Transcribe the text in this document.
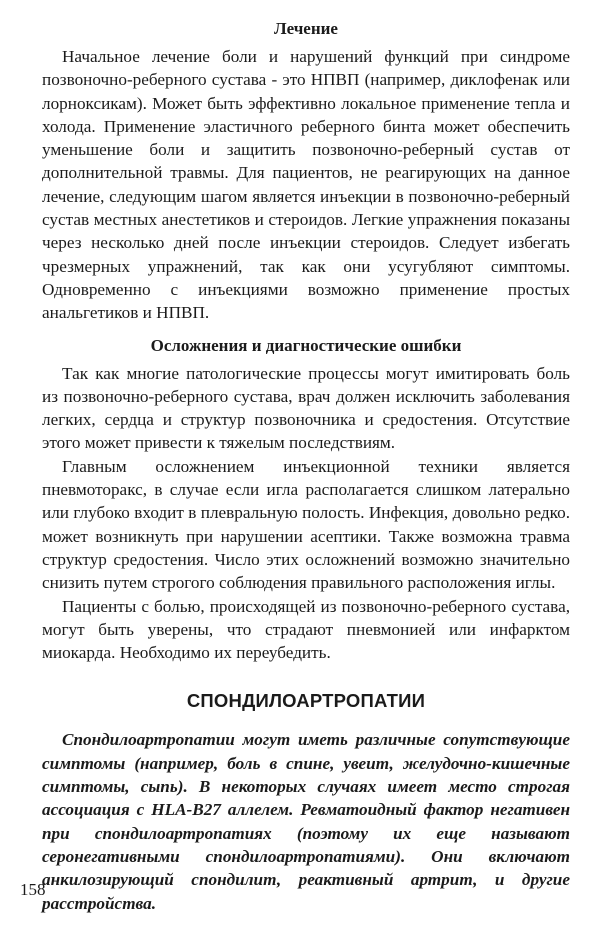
Лечение

Начальное лечение боли и нарушений функций при синдроме позвоночно-реберного сустава - это НПВП (например, диклофенак или лорноксикам). Может быть эффективно локальное применение тепла и холода. Применение эластичного реберного бинта может обеспечить уменьшение боли и защитить позвоночно-реберный сустав от дополнительной травмы. Для пациентов, не реагирующих на данное лечение, следующим шагом является инъекции в позвоночно-реберный сустав местных анестетиков и стероидов. Легкие упражнения показаны через несколько дней после инъекции стероидов. Следует избегать чрезмерных упражнений, так как они усугубляют симптомы. Одновременно с инъекциями возможно применение простых анальгетиков и НПВП.

Осложнения и диагностические ошибки

Так как многие патологические процессы могут имитировать боль из позвоночно-реберного сустава, врач должен исключить заболевания легких, сердца и структур позвоночника и средостения. Отсутствие этого может привести к тяжелым последствиям.

Главным осложнением инъекционной техники является пневмоторакс, в случае если игла располагается слишком латерально или глубоко входит в плевральную полость. Инфекция, довольно редко. может возникнуть при нарушении асептики. Также возможна травма структур средостения. Число этих осложнений возможно значительно снизить путем строгого соблюдения правильного расположения иглы.

Пациенты с болью, происходящей из позвоночно-реберного сустава, могут быть уверены, что страдают пневмонией или инфарктом миокарда. Необходимо их переубедить.

СПОНДИЛОАРТРОПАТИИ

Спондилоартропатии могут иметь различные сопутствующие симптомы (например, боль в спине, увеит, желудочно-кишечные симптомы, сыпь). В некоторых случаях имеет место строгая ассоциация с HLA-B27 аллелем. Ревматоидный фактор негативен при спондилоартропатиях (поэтому их еще называют серонегативными спондилоартропатиями). Они включают анкилозирующий спондилит, реактивный артрит, и другие расстройства.

158
